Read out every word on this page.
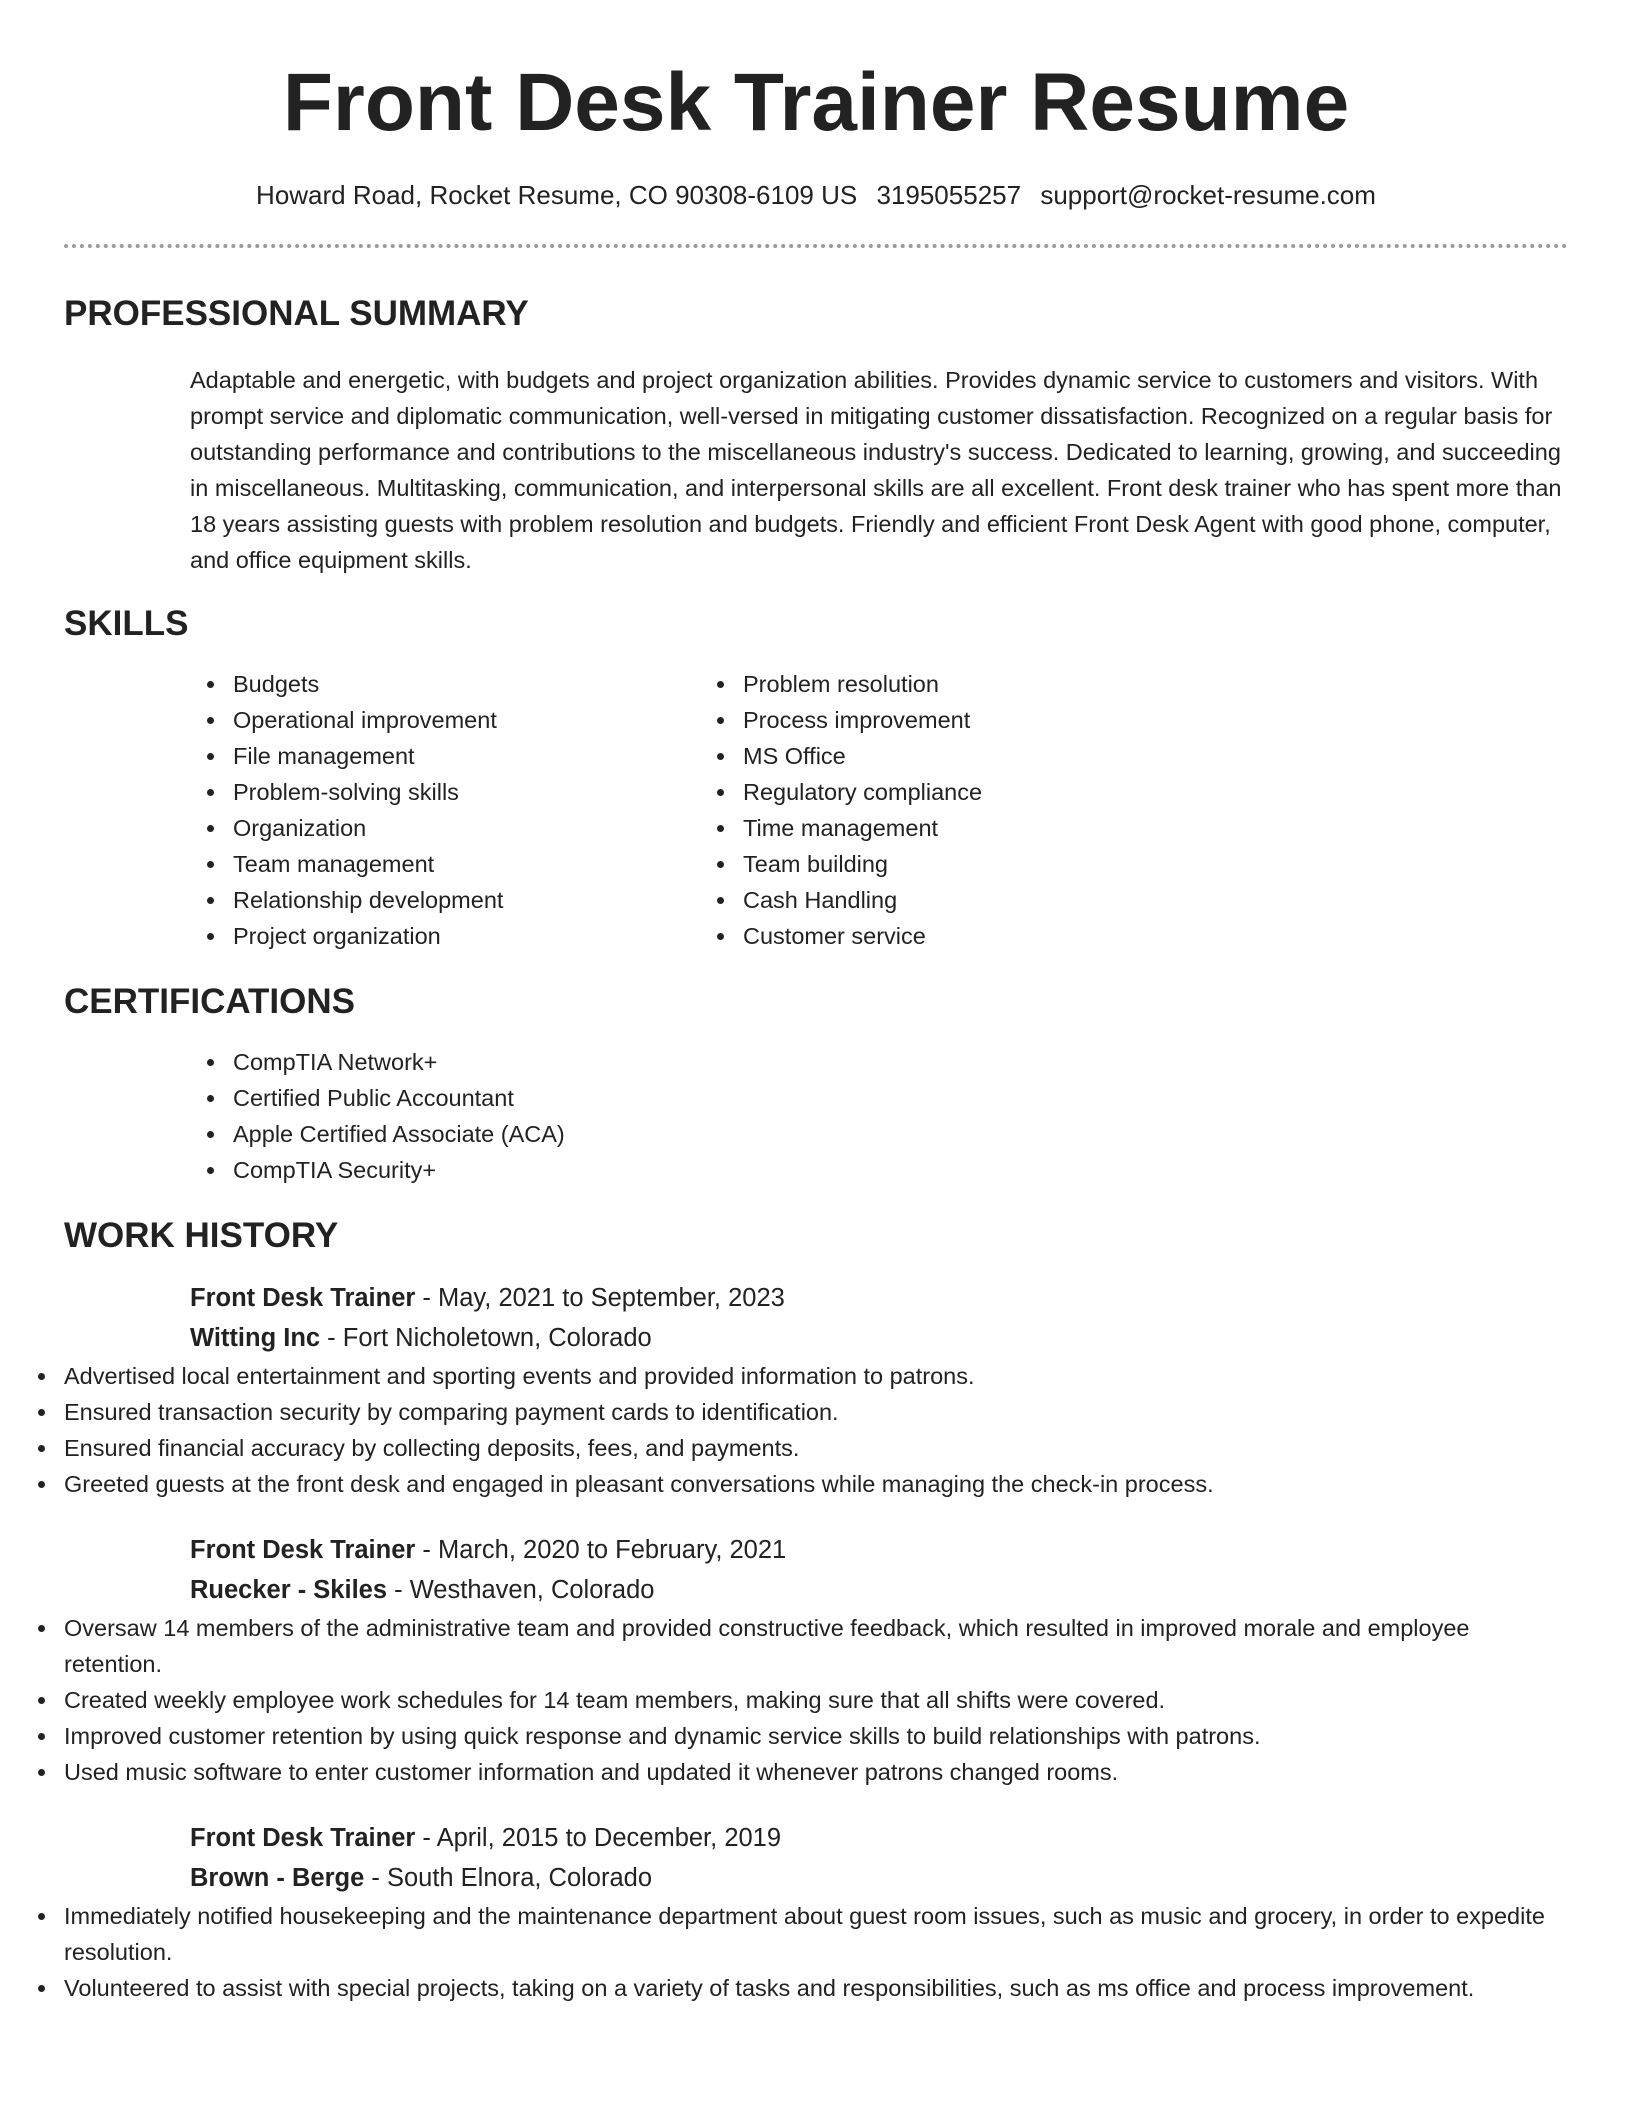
Front Desk Trainer Resume
Howard Road, Rocket Resume, CO 90308-6109 US 3195055257 support@rocket-resume.com
PROFESSIONAL SUMMARY

Adaptable and energetic, with budgets and project organization abilities. Provides dynamic service to customers and visitors. With prompt service and diplomatic communication, well-versed in mitigating customer dissatisfaction. Recognized on a regular basis for outstanding performance and contributions to the miscellaneous industry's success. Dedicated to learning, growing, and succeeding in miscellaneous. Multitasking, communication, and interpersonal skills are all excellent. Front desk trainer who has spent more than 18 years assisting guests with problem resolution and budgets. Friendly and efficient Front Desk Agent with good phone, computer, and office equipment skills.

SKILLS
Budgets
Operational improvement
File management
Problem-solving skills
Organization
Team management
Relationship development
Project organization
Problem resolution
Process improvement
MS Office
Regulatory compliance
Time management
Team building
Cash Handling
Customer service
CERTIFICATIONS
CompTIA Network+
Certified Public Accountant
Apple Certified Associate (ACA)
CompTIA Security+
WORK HISTORY
Front Desk Trainer - May, 2021 to September, 2023
Witting Inc - Fort Nicholetown, Colorado
Advertised local entertainment and sporting events and provided information to patrons.
Ensured transaction security by comparing payment cards to identification.
Ensured financial accuracy by collecting deposits, fees, and payments.
Greeted guests at the front desk and engaged in pleasant conversations while managing the check-in process.
Front Desk Trainer - March, 2020 to February, 2021
Ruecker - Skiles - Westhaven, Colorado
Oversaw 14 members of the administrative team and provided constructive feedback, which resulted in improved morale and employee retention.
Created weekly employee work schedules for 14 team members, making sure that all shifts were covered.
Improved customer retention by using quick response and dynamic service skills to build relationships with patrons.
Used music software to enter customer information and updated it whenever patrons changed rooms.
Front Desk Trainer - April, 2015 to December, 2019
Brown - Berge - South Elnora, Colorado
Immediately notified housekeeping and the maintenance department about guest room issues, such as music and grocery, in order to expedite resolution.
Volunteered to assist with special projects, taking on a variety of tasks and responsibilities, such as ms office and process improvement.
